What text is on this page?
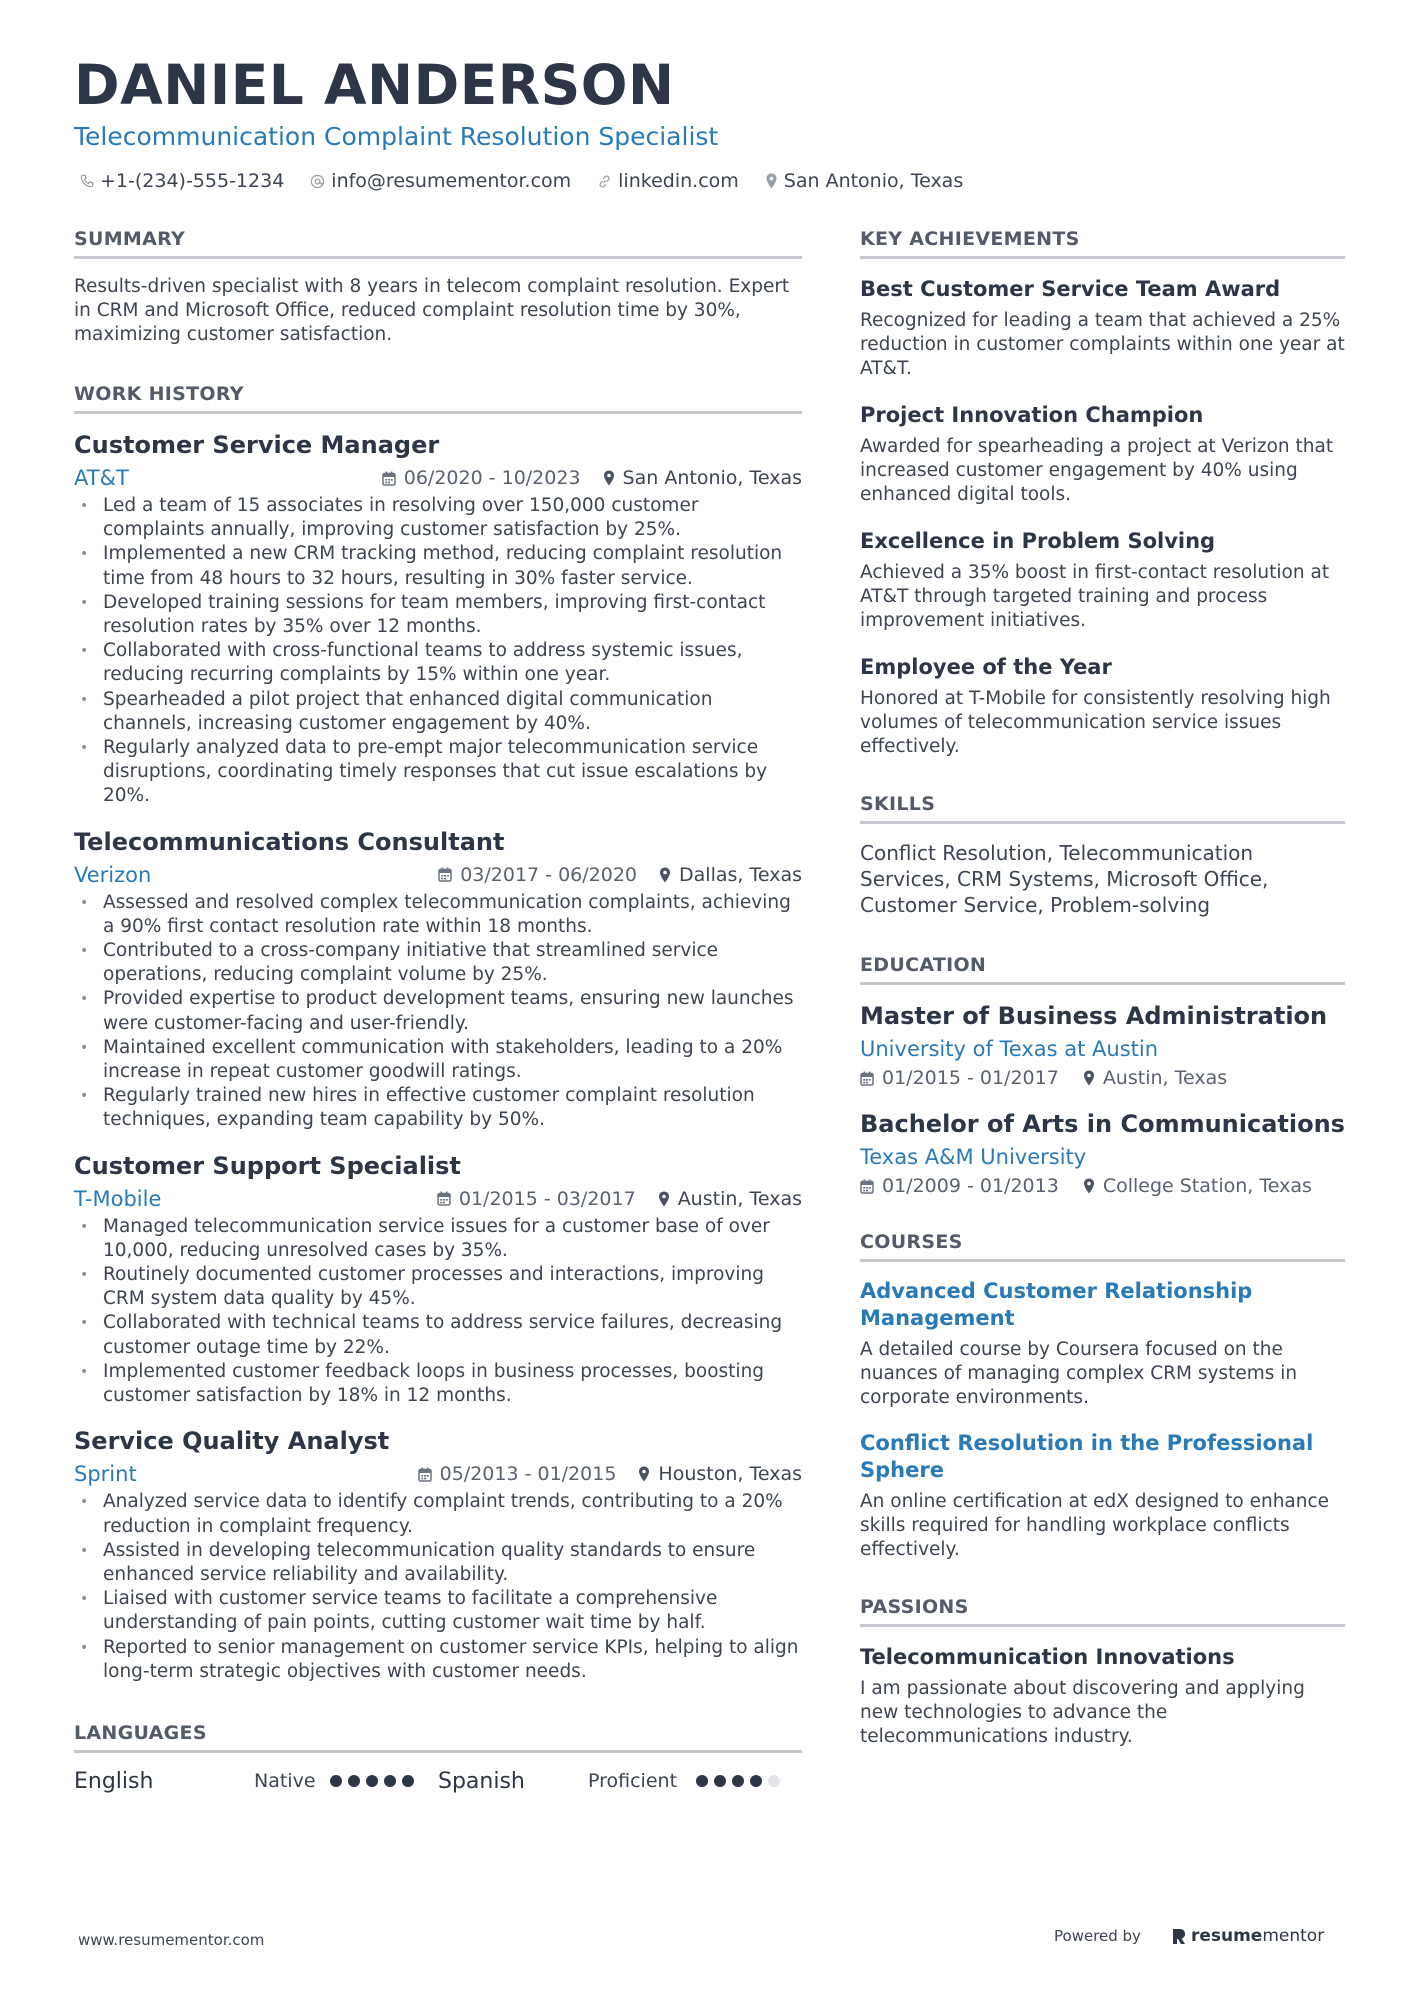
DANIEL ANDERSON
Telecommunication Complaint Resolution Specialist
+1-(234)-555-1234 info@resumementor.com linkedin.com San Antonio, Texas
SUMMARY

Results-driven specialist with 8 years in telecom complaint resolution. Expert in CRM and Microsoft Office, reduced complaint resolution time by 30%, maximizing customer satisfaction.

WORK HISTORY
Customer Service Manager
AT&T	06/2020 - 10/2023 San Antonio, Texas
• Led a team of 15 associates in resolving over 150,000 customer complaints annually, improving customer satisfaction by 25%.
• Implemented a new CRM tracking method, reducing complaint resolution time from 48 hours to 32 hours, resulting in 30% faster service.
• Developed training sessions for team members, improving first-contact resolution rates by 35% over 12 months.
• Collaborated with cross-functional teams to address systemic issues, reducing recurring complaints by 15% within one year.
• Spearheaded a pilot project that enhanced digital communication channels, increasing customer engagement by 40%.
• Regularly analyzed data to pre-empt major telecommunication service disruptions, coordinating timely responses that cut issue escalations by 20%.
Telecommunications Consultant
Verizon	03/2017 - 06/2020 Dallas, Texas
• Assessed and resolved complex telecommunication complaints, achieving a 90% first contact resolution rate within 18 months.
• Contributed to a cross-company initiative that streamlined service operations, reducing complaint volume by 25%.
• Provided expertise to product development teams, ensuring new launches were customer-facing and user-friendly.
• Maintained excellent communication with stakeholders, leading to a 20% increase in repeat customer goodwill ratings.
• Regularly trained new hires in effective customer complaint resolution techniques, expanding team capability by 50%.
Customer Support Specialist
T-Mobile	01/2015 - 03/2017 Austin, Texas
• Managed telecommunication service issues for a customer base of over 10,000, reducing unresolved cases by 35%.
• Routinely documented customer processes and interactions, improving CRM system data quality by 45%.
• Collaborated with technical teams to address service failures, decreasing customer outage time by 22%.
• Implemented customer feedback loops in business processes, boosting customer satisfaction by 18% in 12 months.
Service Quality Analyst
Sprint	05/2013 - 01/2015 Houston, Texas
• Analyzed service data to identify complaint trends, contributing to a 20% reduction in complaint frequency.
• Assisted in developing telecommunication quality standards to ensure enhanced service reliability and availability.
• Liaised with customer service teams to facilitate a comprehensive understanding of pain points, cutting customer wait time by half.
• Reported to senior management on customer service KPIs, helping to align long-term strategic objectives with customer needs.
LANGUAGES
English	Native	Spanish	Proficient
KEY ACHIEVEMENTS
Best Customer Service Team Award

Recognized for leading a team that achieved a 25% reduction in customer complaints within one year at AT&T.

Project Innovation Champion

Awarded for spearheading a project at Verizon that increased customer engagement by 40% using enhanced digital tools.

Excellence in Problem Solving

Achieved a 35% boost in first-contact resolution at AT&T through targeted training and process improvement initiatives.

Employee of the Year

Honored at T-Mobile for consistently resolving high volumes of telecommunication service issues effectively.

SKILLS

Conflict Resolution, Telecommunication Services, CRM Systems, Microsoft Office, Customer Service, Problem-solving

EDUCATION
Master of Business Administration
University of Texas at Austin
01/2015 - 01/2017 Austin, Texas
Bachelor of Arts in Communications
Texas A&M University
01/2009 - 01/2013 College Station, Texas
COURSES
Advanced Customer Relationship Management

A detailed course by Coursera focused on the nuances of managing complex CRM systems in corporate environments.

Conflict Resolution in the Professional Sphere

An online certification at edX designed to enhance skills required for handling workplace conflicts effectively.

PASSIONS
Telecommunication Innovations

I am passionate about discovering and applying new technologies to advance the telecommunications industry.

www.resumementor.com	Powered by	resume mentor
